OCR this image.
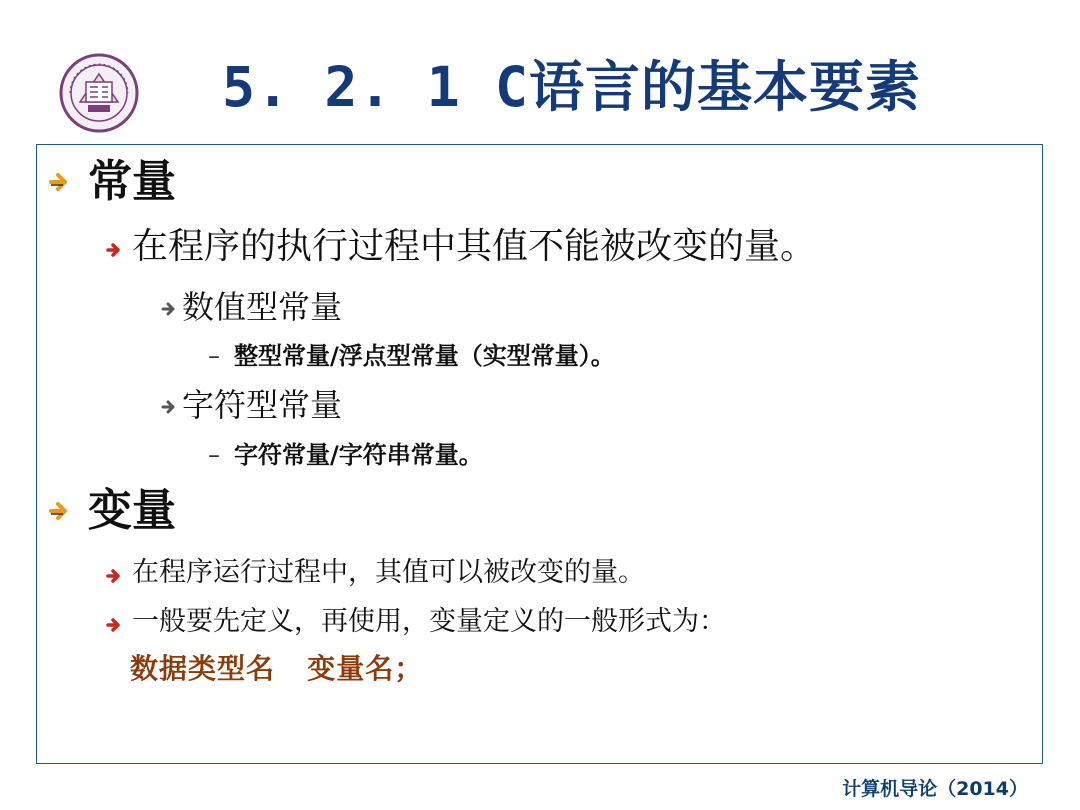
5. 2. 1 C语言的基本要素
常量
在程序的执行过程中其值不能被改变的量。
数值型常量
– 整型常量/浮点型常量（实型常量）。
字符型常量
– 字符常量/字符串常量。
变量
在程序运行过程中，其值可以被改变的量。
一般要先定义，再使用，变量定义的一般形式为：
数据类型名   变量名；
计算机导论（2014）
